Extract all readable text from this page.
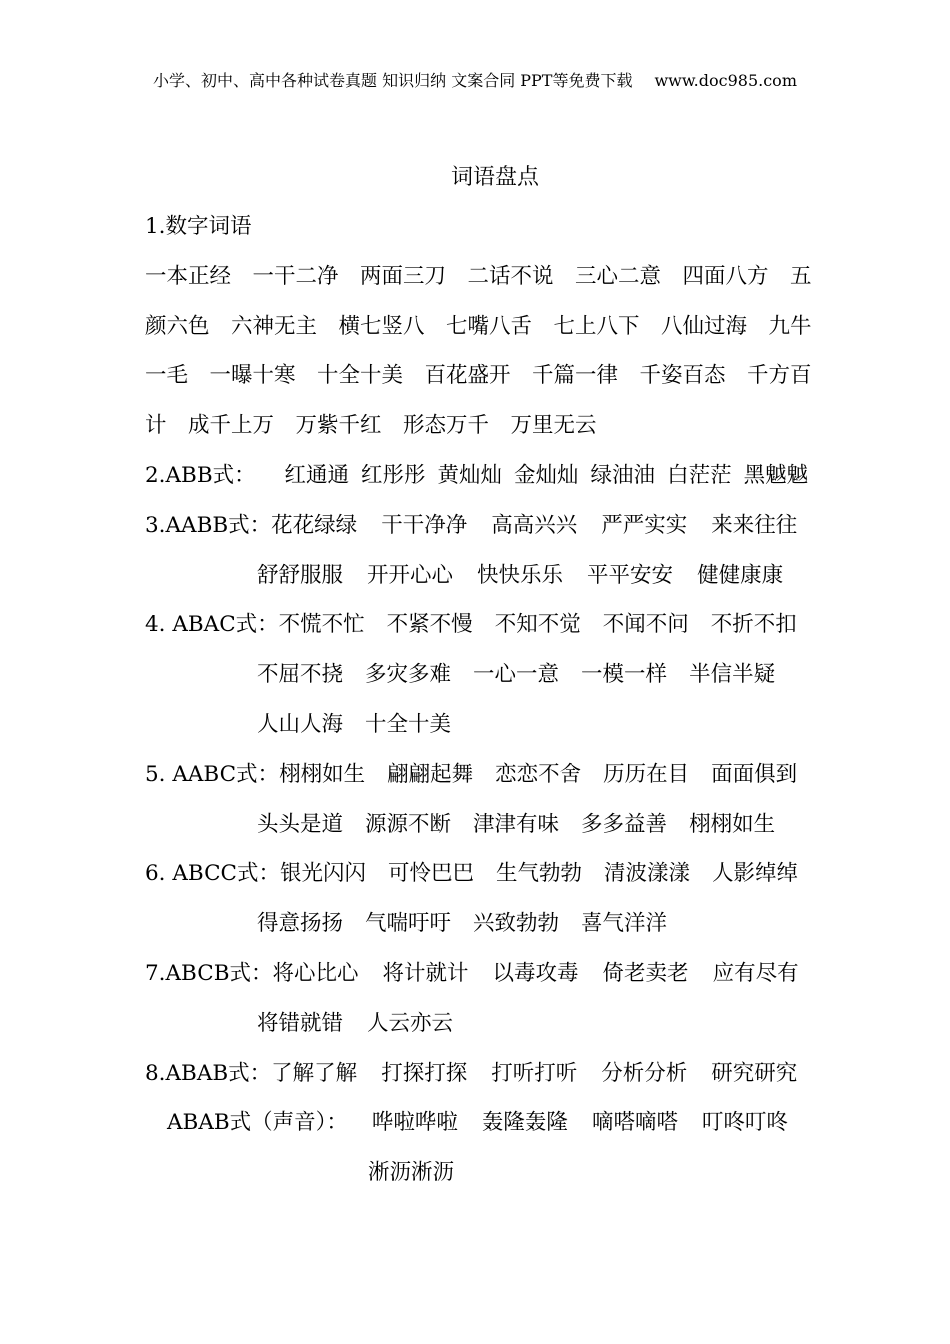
小学、初中、高中各种试卷真题 知识归纳 文案合同 PPT等免费下载 www.doc985.com
词语盘点
1.数字词语
一本正经　一干二净　两面三刀　二话不说　三心二意　四面八方　五
颜六色　六神无主　横七竖八　七嘴八舌　七上八下　八仙过海　九牛
一毛　一曝十寒　十全十美　百花盛开　千篇一律　千姿百态　千方百
计　成千上万　万紫千红　形态万千　万里无云
2.ABB式： 红通通 红彤彤 黄灿灿 金灿灿 绿油油 白茫茫 黑魆魆
3.AABB式：花花绿绿 干干净净 高高兴兴 严严实实 来来往往
舒舒服服 开开心心 快快乐乐 平平安安 健健康康
4. ABAC式：不慌不忙 不紧不慢 不知不觉 不闻不问 不折不扣
不屈不挠 多灾多难 一心一意 一模一样 半信半疑
人山人海 十全十美
5. AABC式：栩栩如生 翩翩起舞 恋恋不舍 历历在目 面面俱到
头头是道 源源不断 津津有味 多多益善 栩栩如生
6. ABCC式：银光闪闪 可怜巴巴 生气勃勃 清波漾漾 人影绰绰
得意扬扬 气喘吁吁 兴致勃勃 喜气洋洋
7.ABCB式：将心比心 将计就计 以毒攻毒 倚老卖老 应有尽有
将错就错 人云亦云
8.ABAB式：了解了解 打探打探 打听打听 分析分析 研究研究
ABAB式（声音）： 哗啦哗啦 轰隆轰隆 嘀嗒嘀嗒 叮咚叮咚
淅沥淅沥
